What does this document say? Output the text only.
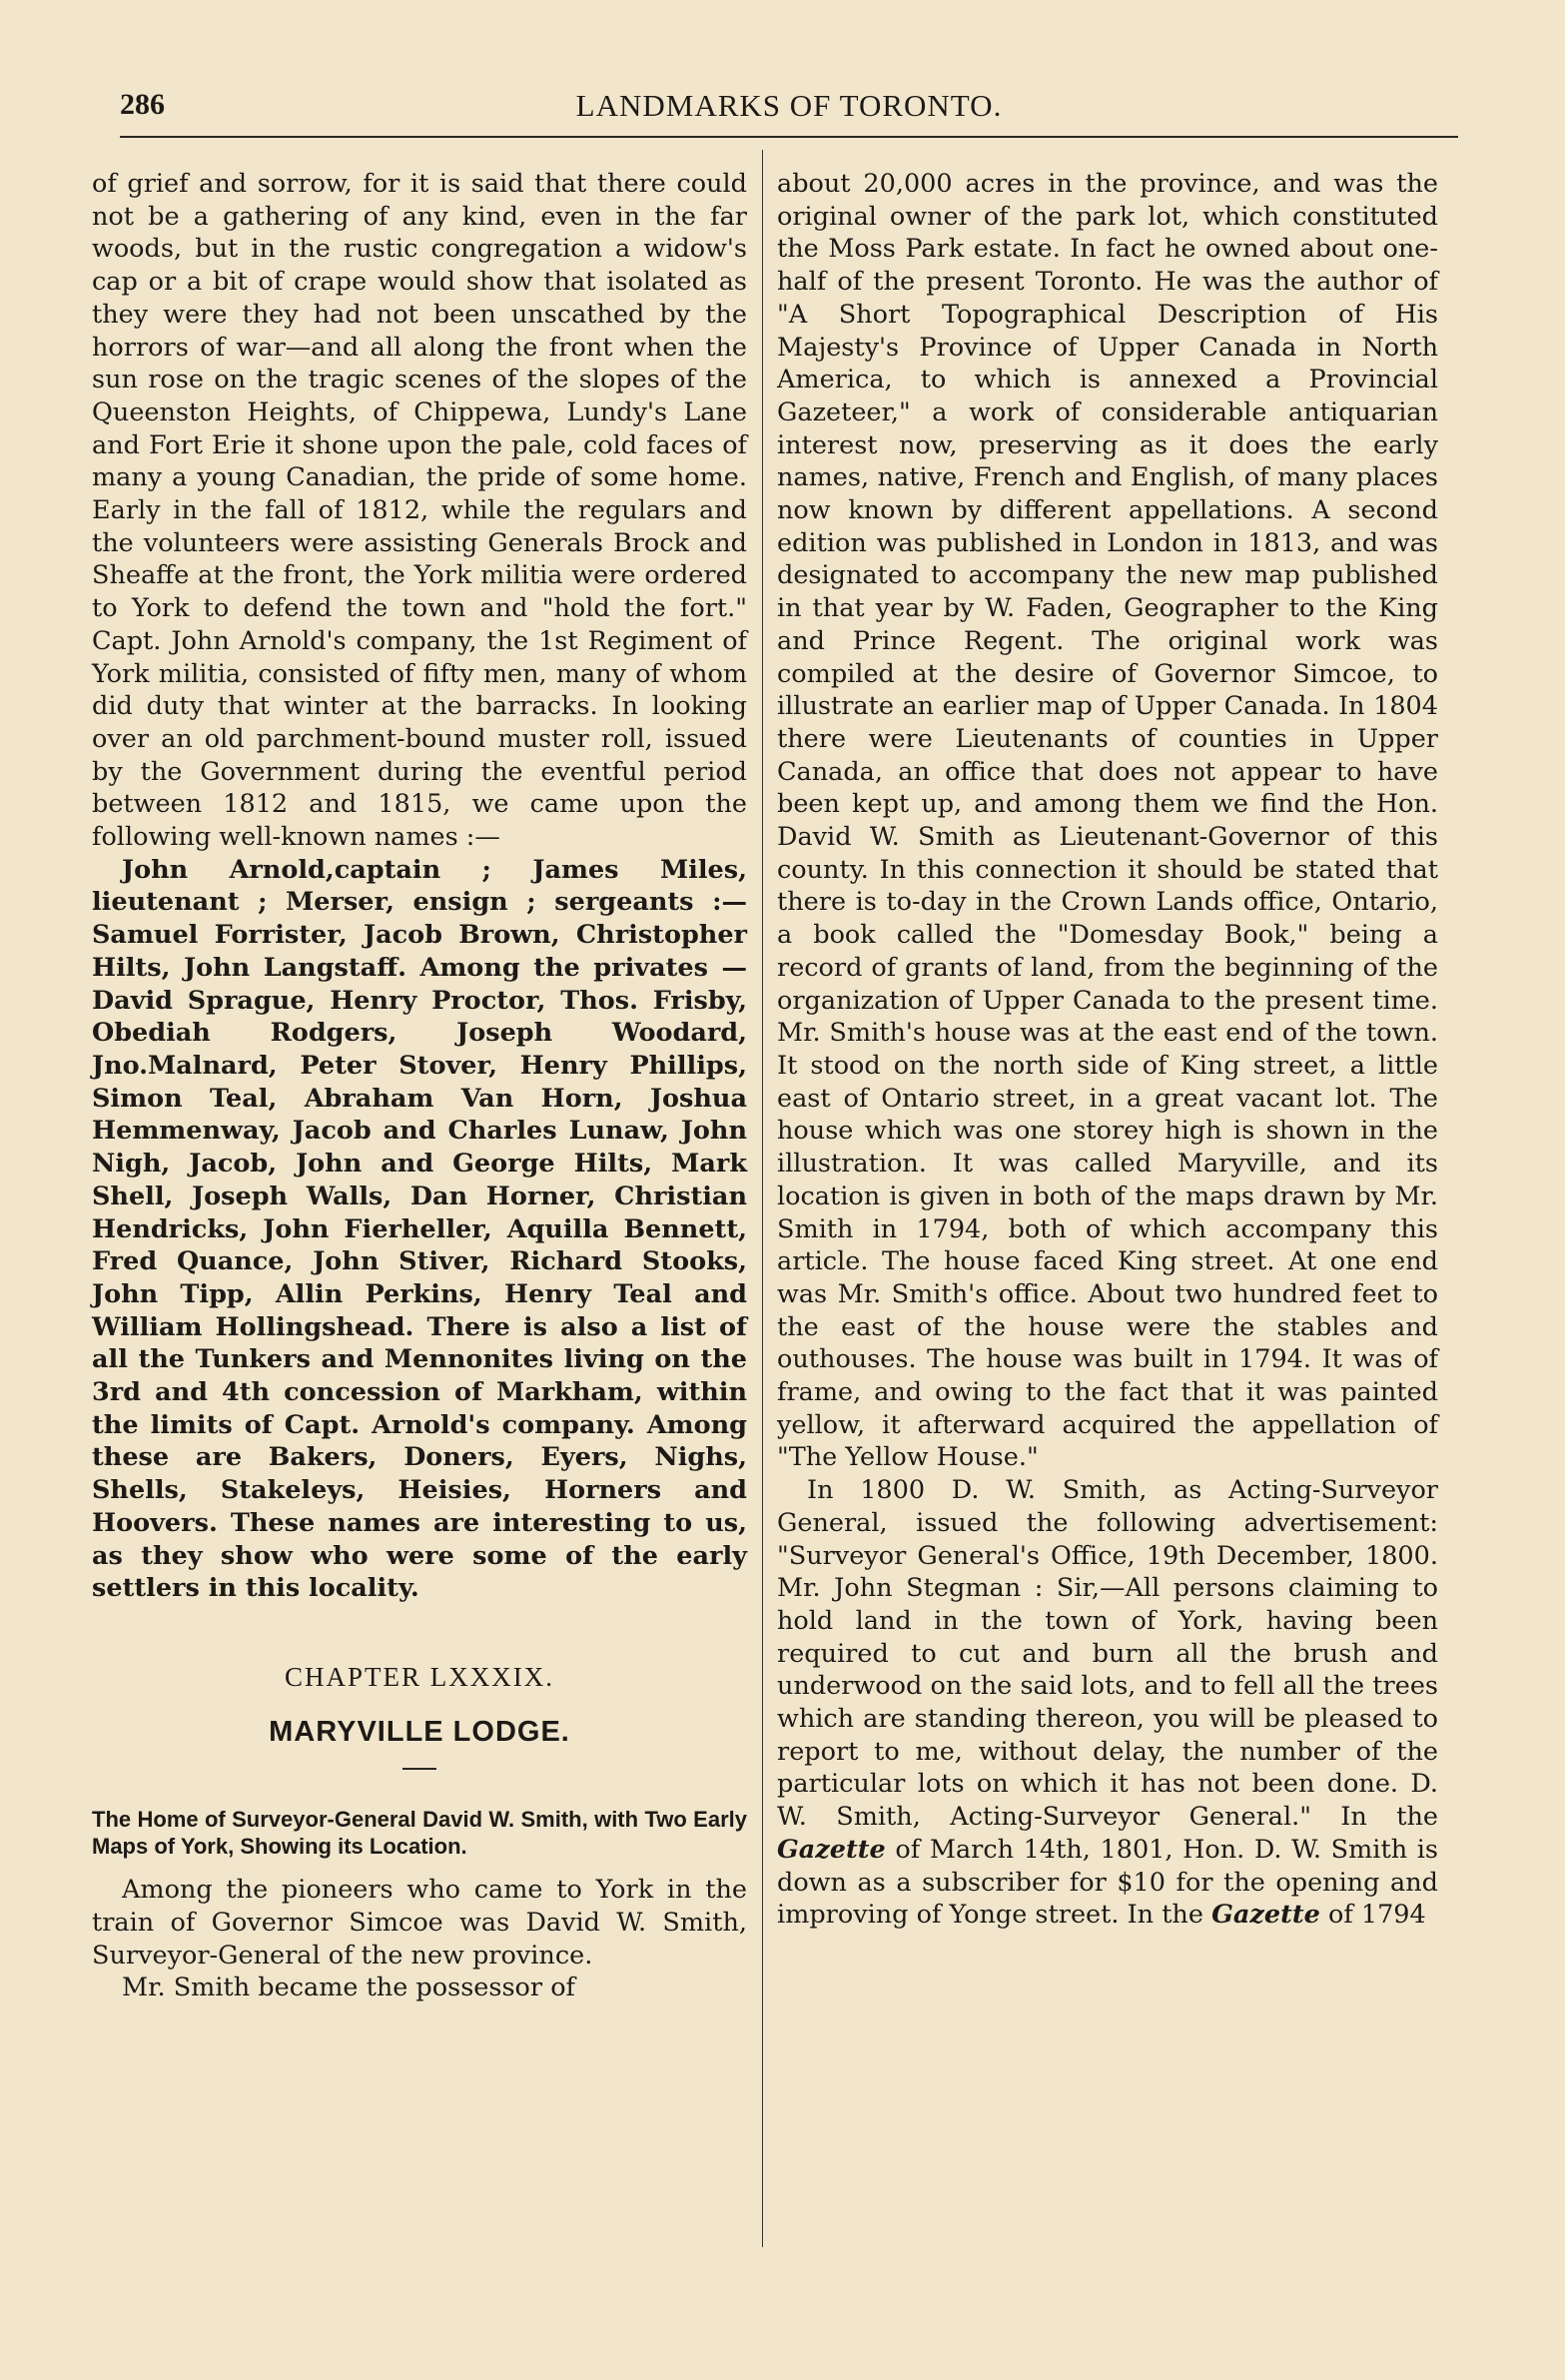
286	LANDMARKS OF TORONTO.

of grief and sorrow, for it is said that there could not be a gathering of any kind, even in the far woods, but in the rustic congregation a widow's cap or a bit of crape would show that isolated as they were they had not been unscathed by the horrors of war—and all along the front when the sun rose on the tragic scenes of the slopes of the Queenston Heights, of Chippewa, Lundy's Lane and Fort Erie it shone upon the pale, cold faces of many a young Canadian, the pride of some home. Early in the fall of 1812, while the regulars and the volunteers were assisting Generals Brock and Sheaffe at the front, the York militia were ordered to York to defend the town and "hold the fort." Capt. John Arnold's company, the 1st Regiment of York militia, consisted of fifty men, many of whom did duty that winter at the barracks. In looking over an old parchment-bound muster roll, issued by the Government during the eventful period between 1812 and 1815, we came upon the following well-known names :—

John Arnold,captain ; James Miles, lieutenant ; Merser, ensign ; sergeants :—Samuel Forrister, Jacob Brown, Christopher Hilts, John Langstaff. Among the privates —David Sprague, Henry Proctor, Thos. Frisby, Obediah Rodgers, Joseph Woodard, Jno.Malnard, Peter Stover, Henry Phillips, Simon Teal, Abraham Van Horn, Joshua Hemmenway, Jacob and Charles Lunaw, John Nigh, Jacob, John and George Hilts, Mark Shell, Joseph Walls, Dan Horner, Christian Hendricks, John Fierheller, Aquilla Bennett, Fred Quance, John Stiver, Richard Stooks, John Tipp, Allin Perkins, Henry Teal and William Hollingshead. There is also a list of all the Tunkers and Mennonites living on the 3rd and 4th concession of Markham, within the limits of Capt. Arnold's company. Among these are Bakers, Doners, Eyers, Nighs, Shells, Stakeleys, Heisies, Horners and Hoovers. These names are interesting to us, as they show who were some of the early settlers in this locality.

CHAPTER LXXXIX.
MARYVILLE LODGE.

The Home of Surveyor-General David W. Smith, with Two Early Maps of York, Showing its Location.

Among the pioneers who came to York in the train of Governor Simcoe was David W. Smith, Surveyor-General of the new province.

Mr. Smith became the possessor of

about 20,000 acres in the province, and was the original owner of the park lot, which constituted the Moss Park estate. In fact he owned about one-half of the present Toronto. He was the author of "A Short Topographical Description of His Majesty's Province of Upper Canada in North America, to which is annexed a Provincial Gazeteer," a work of considerable antiquarian interest now, preserving as it does the early names, native, French and English, of many places now known by different appellations. A second edition was published in London in 1813, and was designated to accompany the new map published in that year by W. Faden, Geographer to the King and Prince Regent. The original work was compiled at the desire of Governor Simcoe, to illustrate an earlier map of Upper Canada. In 1804 there were Lieutenants of counties in Upper Canada, an office that does not appear to have been kept up, and among them we find the Hon. David W. Smith as Lieutenant-Governor of this county. In this connection it should be stated that there is to-day in the Crown Lands office, Ontario, a book called the "Domesday Book," being a record of grants of land, from the beginning of the organization of Upper Canada to the present time. Mr. Smith's house was at the east end of the town. It stood on the north side of King street, a little east of Ontario street, in a great vacant lot. The house which was one storey high is shown in the illustration. It was called Maryville, and its location is given in both of the maps drawn by Mr. Smith in 1794, both of which accompany this article. The house faced King street. At one end was Mr. Smith's office. About two hundred feet to the east of the house were the stables and outhouses. The house was built in 1794. It was of frame, and owing to the fact that it was painted yellow, it afterward acquired the appellation of "The Yellow House."

In 1800 D. W. Smith, as Acting-Surveyor General, issued the following advertisement: "Surveyor General's Office, 19th December, 1800. Mr. John Stegman : Sir,—All persons claiming to hold land in the town of York, having been required to cut and burn all the brush and underwood on the said lots, and to fell all the trees which are standing thereon, you will be pleased to report to me, without delay, the number of the particular lots on which it has not been done. D. W. Smith, Acting-Surveyor General." In the Gazette of March 14th, 1801, Hon. D. W. Smith is down as a subscriber for $10 for the opening and improving of Yonge street. In the Gazette of 1794
